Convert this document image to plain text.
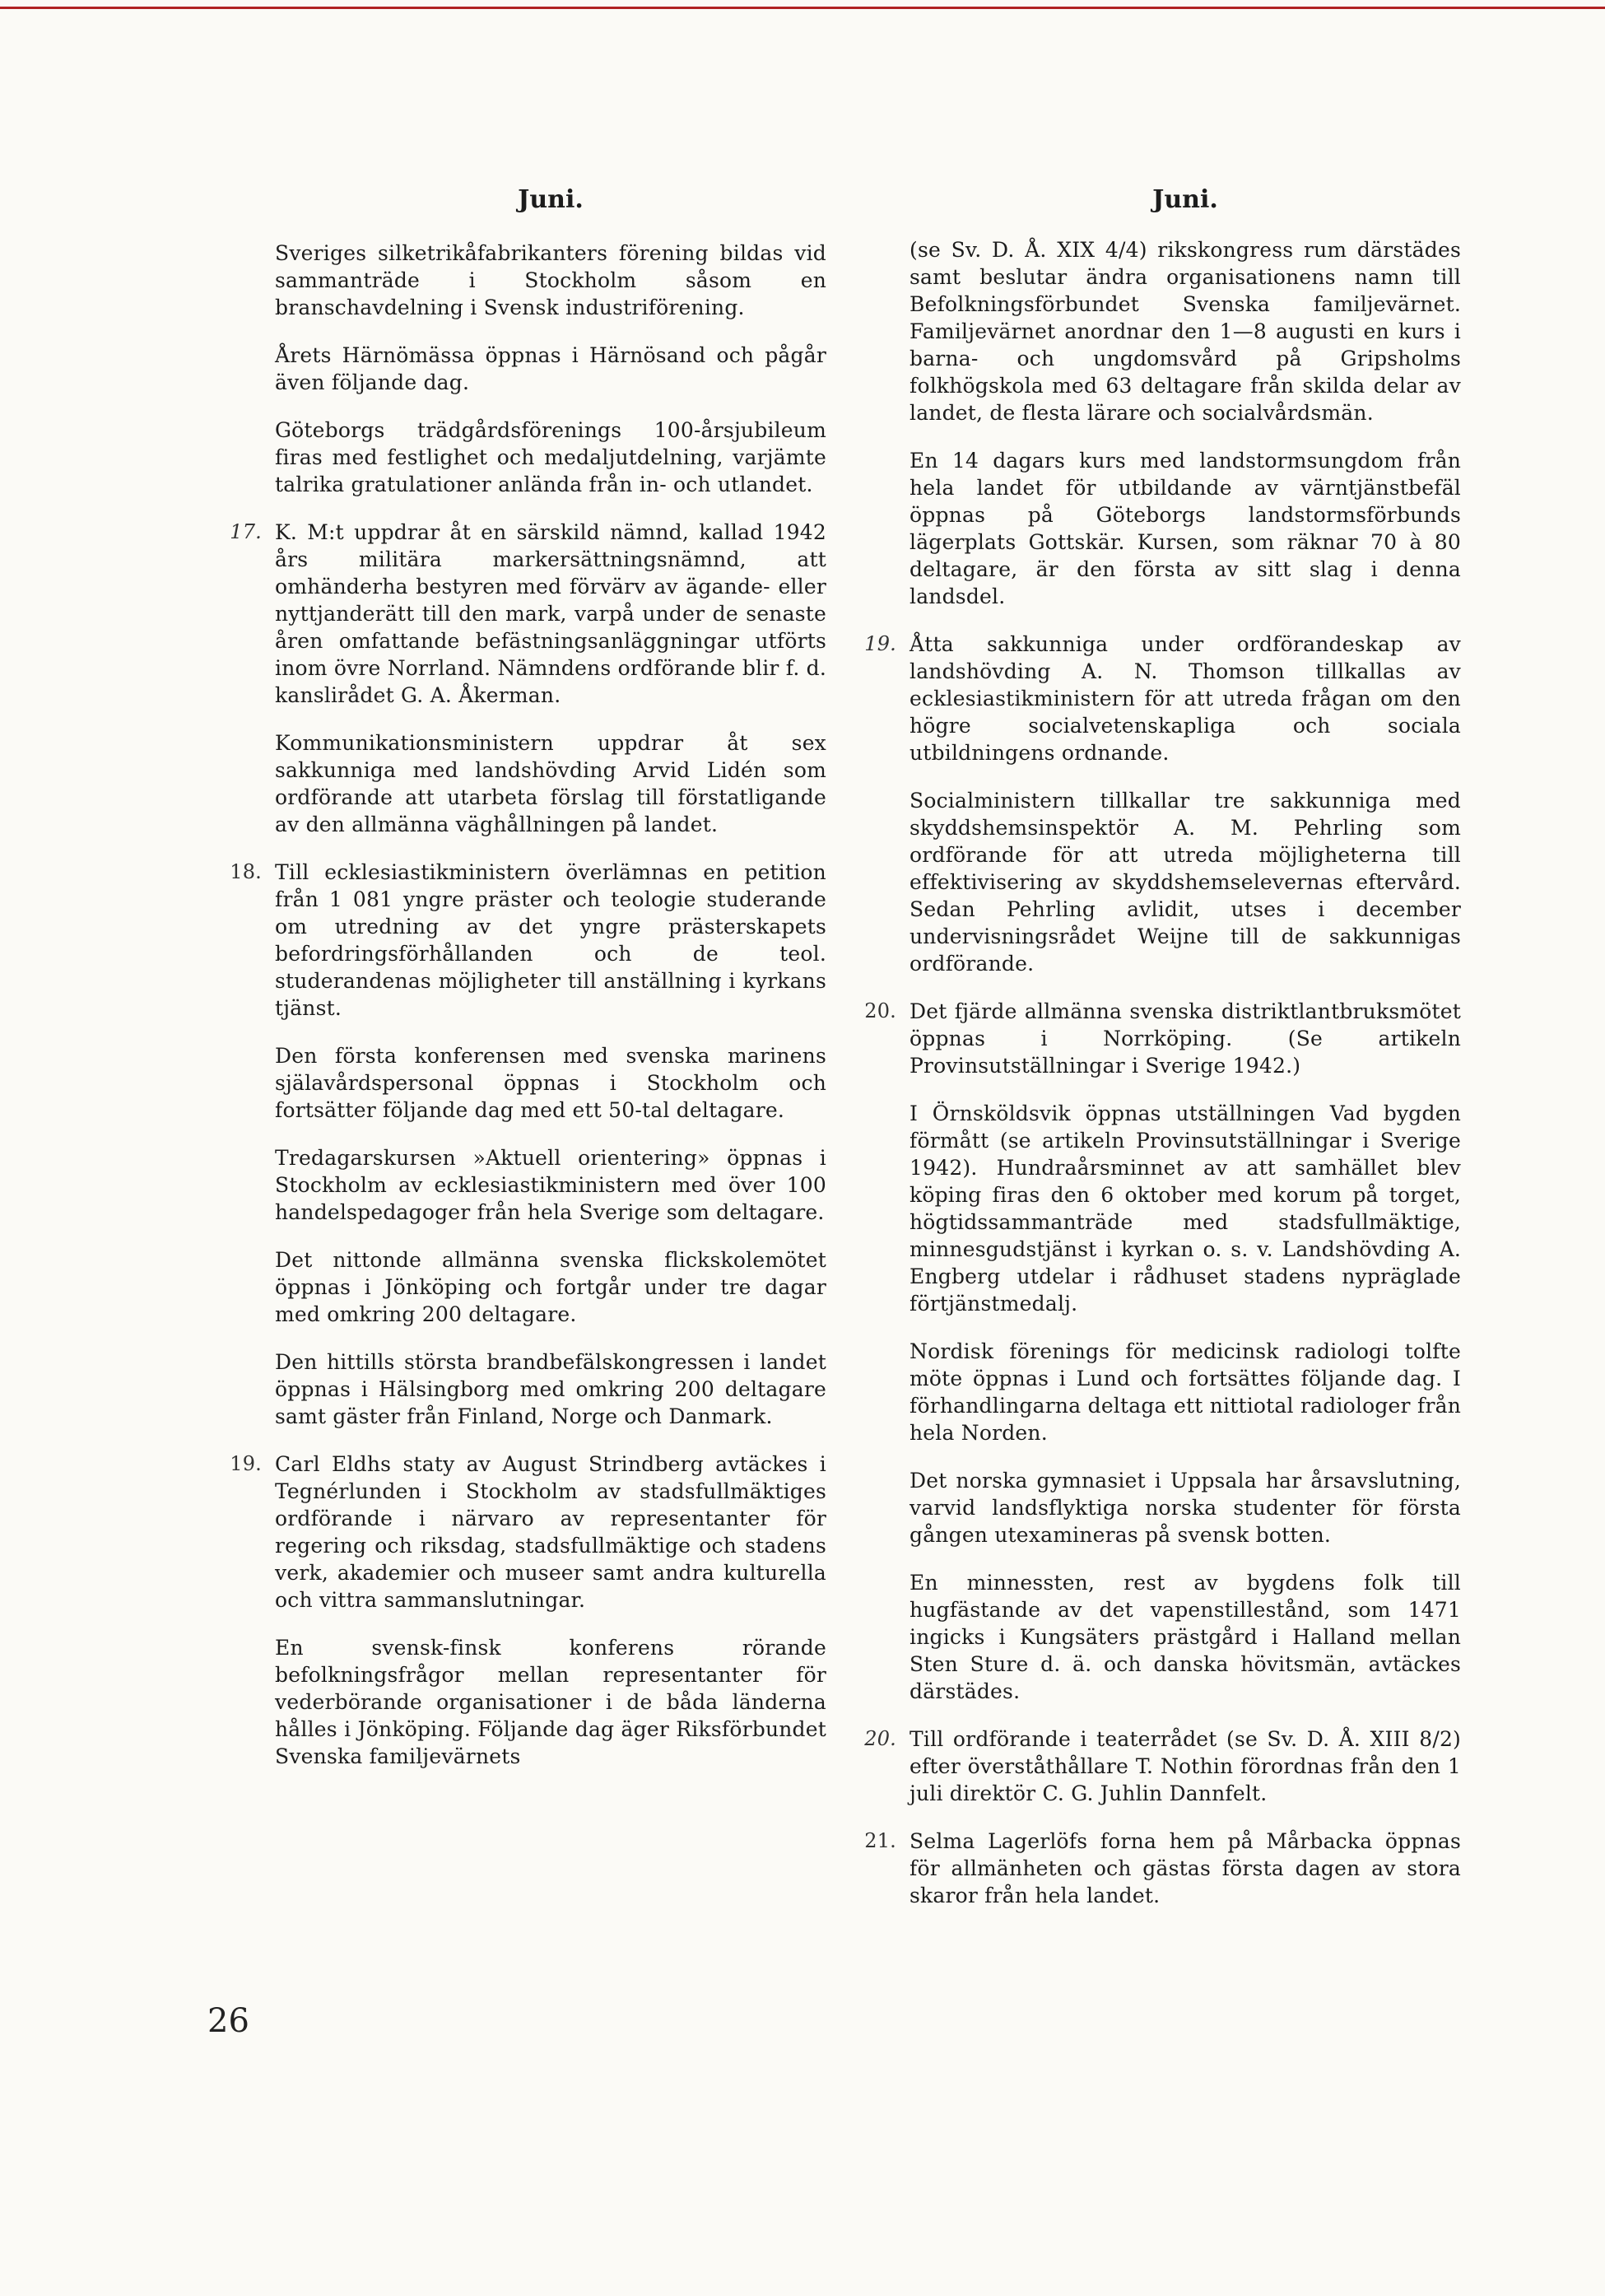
Juni.
Sveriges silketrikåfabrikanters förening bildas vid sammanträde i Stockholm såsom en branschavdelning i Svensk industriförening.
Årets Härnömässa öppnas i Härnösand och pågår även följande dag.
Göteborgs trädgårdsförenings 100-årsjubileum firas med festlighet och medaljutdelning, varjämte talrika gratulationer anlända från in- och utlandet.
17. K. M:t uppdrar åt en särskild nämnd, kallad 1942 års militära markersättningsnämnd, att omhänderha bestyren med förvärv av ägande- eller nyttjanderätt till den mark, varpå under de senaste åren omfattande befästningsanläggningar utförts inom övre Norrland. Nämndens ordförande blir f. d. kanslirådet G. A. Åkerman.
Kommunikationsministern uppdrar åt sex sakkunniga med landshövding Arvid Lidén som ordförande att utarbeta förslag till förstatligande av den allmänna väghållningen på landet.
18. Till ecklesiastikministern överlämnas en petition från 1 081 yngre präster och teologie studerande om utredning av det yngre prästerskapets befordringsförhållanden och de teol. studerandenas möjligheter till anställning i kyrkans tjänst.
Den första konferensen med svenska marinens själavårdspersonal öppnas i Stockholm och fortsätter följande dag med ett 50-tal deltagare.
Tredagarskursen »Aktuell orientering» öppnas i Stockholm av ecklesiastikministern med över 100 handelspedagoger från hela Sverige som deltagare.
Det nittonde allmänna svenska flickskolemötet öppnas i Jönköping och fortgår under tre dagar med omkring 200 deltagare.
Den hittills största brandbefälskongressen i landet öppnas i Hälsingborg med omkring 200 deltagare samt gäster från Finland, Norge och Danmark.
19. Carl Eldhs staty av August Strindberg avtäckes i Tegnérlunden i Stockholm av stadsfullmäktiges ordförande i närvaro av representanter för regering och riksdag, stadsfullmäktige och stadens verk, akademier och museer samt andra kulturella och vittra sammanslutningar.
En svensk-finsk konferens rörande befolkningsfrågor mellan representanter för vederbörande organisationer i de båda länderna hålles i Jönköping. Följande dag äger Riksförbundet Svenska familjevärnets
Juni.
(se Sv. D. Å. XIX 4/4) rikskongress rum därstädes samt beslutar ändra organisationens namn till Befolkningsförbundet Svenska familjevärnet. Familjevärnet anordnar den 1—8 augusti en kurs i barna- och ungdomsvård på Gripsholms folkhögskola med 63 deltagare från skilda delar av landet, de flesta lärare och socialvårdsmän.
En 14 dagars kurs med landstormsungdom från hela landet för utbildande av värntjänstbefäl öppnas på Göteborgs landstormsförbunds lägerplats Gottskär. Kursen, som räknar 70 à 80 deltagare, är den första av sitt slag i denna landsdel.
19. Åtta sakkunniga under ordförandeskap av landshövding A. N. Thomson tillkallas av ecklesiastikministern för att utreda frågan om den högre socialvetenskapliga och sociala utbildningens ordnande.
Socialministern tillkallar tre sakkunniga med skyddshemsinspektör A. M. Pehrling som ordförande för att utreda möjligheterna till effektivisering av skyddshemselevernas eftervård. Sedan Pehrling avlidit, utses i december undervisningsrådet Weijne till de sakkunnigas ordförande.
20. Det fjärde allmänna svenska distriktlantbruksmötet öppnas i Norrköping. (Se artikeln Provinsutställningar i Sverige 1942.)
I Örnsköldsvik öppnas utställningen Vad bygden förmått (se artikeln Provinsutställningar i Sverige 1942). Hundraårsminnet av att samhället blev köping firas den 6 oktober med korum på torget, högtidssammanträde med stadsfullmäktige, minnesgudstjänst i kyrkan o. s. v. Landshövding A. Engberg utdelar i rådhuset stadens nypräglade förtjänstmedalj.
Nordisk förenings för medicinsk radiologi tolfte möte öppnas i Lund och fortsättes följande dag. I förhandlingarna deltaga ett nittiotal radiologer från hela Norden.
Det norska gymnasiet i Uppsala har årsavslutning, varvid landsflyktiga norska studenter för första gången utexamineras på svensk botten.
En minnessten, rest av bygdens folk till hugfästande av det vapenstillestånd, som 1471 ingicks i Kungsäters prästgård i Halland mellan Sten Sture d. ä. och danska hövitsmän, avtäckes därstädes.
20. Till ordförande i teaterrådet (se Sv. D. Å. XIII 8/2) efter överståthållare T. Nothin förordnas från den 1 juli direktör C. G. Juhlin Dannfelt.
21. Selma Lagerlöfs forna hem på Mårbacka öppnas för allmänheten och gästas första dagen av stora skaror från hela landet.
26
